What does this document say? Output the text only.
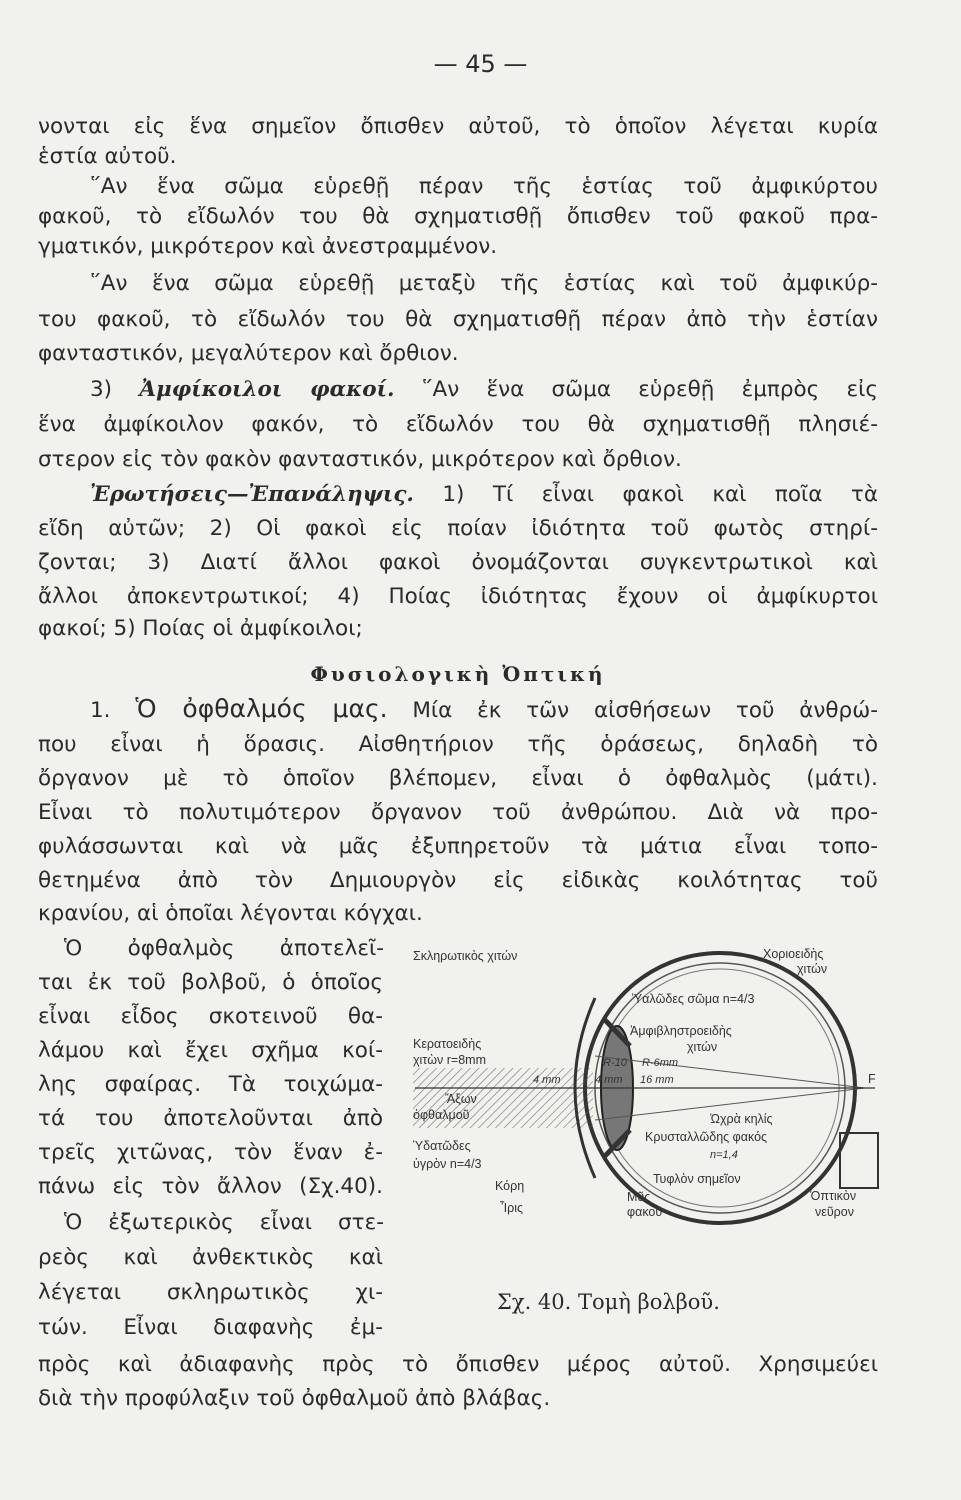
— 45 —
νονται εἰς ἕνα σημεῖον ὄπισθεν αὐτοῦ, τὸ ὁποῖον λέγεται κυρία
ἑστία αὐτοῦ.
῞Αν ἕνα σῶμα εὑρεθῇ πέραν τῆς ἑστίας τοῦ ἀμφικύρτου
φακοῦ, τὸ εἴδωλόν του θὰ σχηματισθῇ ὄπισθεν τοῦ φακοῦ πρα-
γματικόν, μικρότερον καὶ ἀνεστραμμένον.
῞Αν ἕνα σῶμα εὑρεθῇ μεταξὺ τῆς ἑστίας καὶ τοῦ ἀμφικύρ-
του φακοῦ, τὸ εἴδωλόν του θὰ σχηματισθῇ πέραν ἀπὸ τὴν ἑστίαν
φανταστικόν, μεγαλύτερον καὶ ὄρθιον.
3) Ἀμφίκοιλοι φακοί. ῞Αν ἕνα σῶμα εὑρεθῇ ἐμπρὸς εἰς
ἕνα ἀμφίκοιλον φακόν, τὸ εἴδωλόν του θὰ σχηματισθῇ πλησιέ-
στερον εἰς τὸν φακὸν φανταστικόν, μικρότερον καὶ ὄρθιον.
Ἐρωτήσεις—Ἐπανάληψις. 1) Τί εἶναι φακοὶ καὶ ποῖα τὰ
εἴδη αὐτῶν; 2) Οἱ φακοὶ εἰς ποίαν ἰδιότητα τοῦ φωτὸς στηρί-
ζονται; 3) Διατί ἄλλοι φακοὶ ὀνομάζονται συγκεντρωτικοὶ καὶ
ἄλλοι ἀποκεντρωτικοί; 4) Ποίας ἰδιότητας ἔχουν οἱ ἀμφίκυρτοι
φακοί; 5) Ποίας οἱ ἀμφίκοιλοι;
Φυσιολογικὴ Ὀπτική
1. Ὁ ὀφθαλμός μας. Μία ἐκ τῶν αἰσθήσεων τοῦ ἀνθρώ-
που εἶναι ἡ ὅρασις. Αἰσθητήριον τῆς ὁράσεως, δηλαδὴ τὸ
ὄργανον μὲ τὸ ὁποῖον βλέπομεν, εἶναι ὁ ὀφθαλμὸς (μάτι).
Εἶναι τὸ πολυτιμότερον ὄργανον τοῦ ἀνθρώπου. Διὰ νὰ προ-
φυλάσσωνται καὶ νὰ μᾶς ἐξυπηρετοῦν τὰ μάτια εἶναι τοπο-
θετημένα ἀπὸ τὸν Δημιουργὸν εἰς εἰδικὰς κοιλότητας τοῦ
κρανίου, αἱ ὁποῖαι λέγονται κόγχαι.
Ὁ ὀφθαλμὸς ἀποτελεῖ-
ται ἐκ τοῦ βολβοῦ, ὁ ὁποῖος
εἶναι εἶδος σκοτεινοῦ θα-
λάμου καὶ ἔχει σχῆμα κοί-
λης σφαίρας. Τὰ τοιχώμα-
τά του ἀποτελοῦνται ἀπὸ
τρεῖς χιτῶνας, τὸν ἕναν ἐ-
πάνω εἰς τὸν ἄλλον (Σχ.40).
Ὁ ἐξωτερικὸς εἶναι στε-
ρεὸς καὶ ἀνθεκτικὸς καὶ
λέγεται σκληρωτικὸς χι-
τών. Εἶναι διαφανὴς ἐμ-
πρὸς καὶ ἀδιαφανὴς πρὸς τὸ ὄπισθεν μέρος αὐτοῦ. Χρησιμεύει
διὰ τὴν προφύλαξιν τοῦ ὀφθαλμοῦ ἀπὸ βλάβας.
Σκληρωτικὸς χιτών	Χοριοειδὴς
χιτών
Ὑαλῶδες σῶμα n=4/3
Κερατοειδὴς
χιτὼν r=8mm
Ἀμφιβληστροειδὴς
χιτών
Ἄξων
ὀφθαλμοῦ
4 mm	4 mm
R-10 R-6mm
16 mm	F
Ὠχρὰ κηλίς
Κρυσταλλῶδης φακός
n=1,4
Ὑδατῶδες
ὑγρὸν n=4/3
Κόρη
Ἶρις
Τυφλὸν σημεῖον
Μῦς
φακοῦ
Ὀπτικὸν
νεῦρον
Σχ. 40. Τομὴ βολβοῦ.
